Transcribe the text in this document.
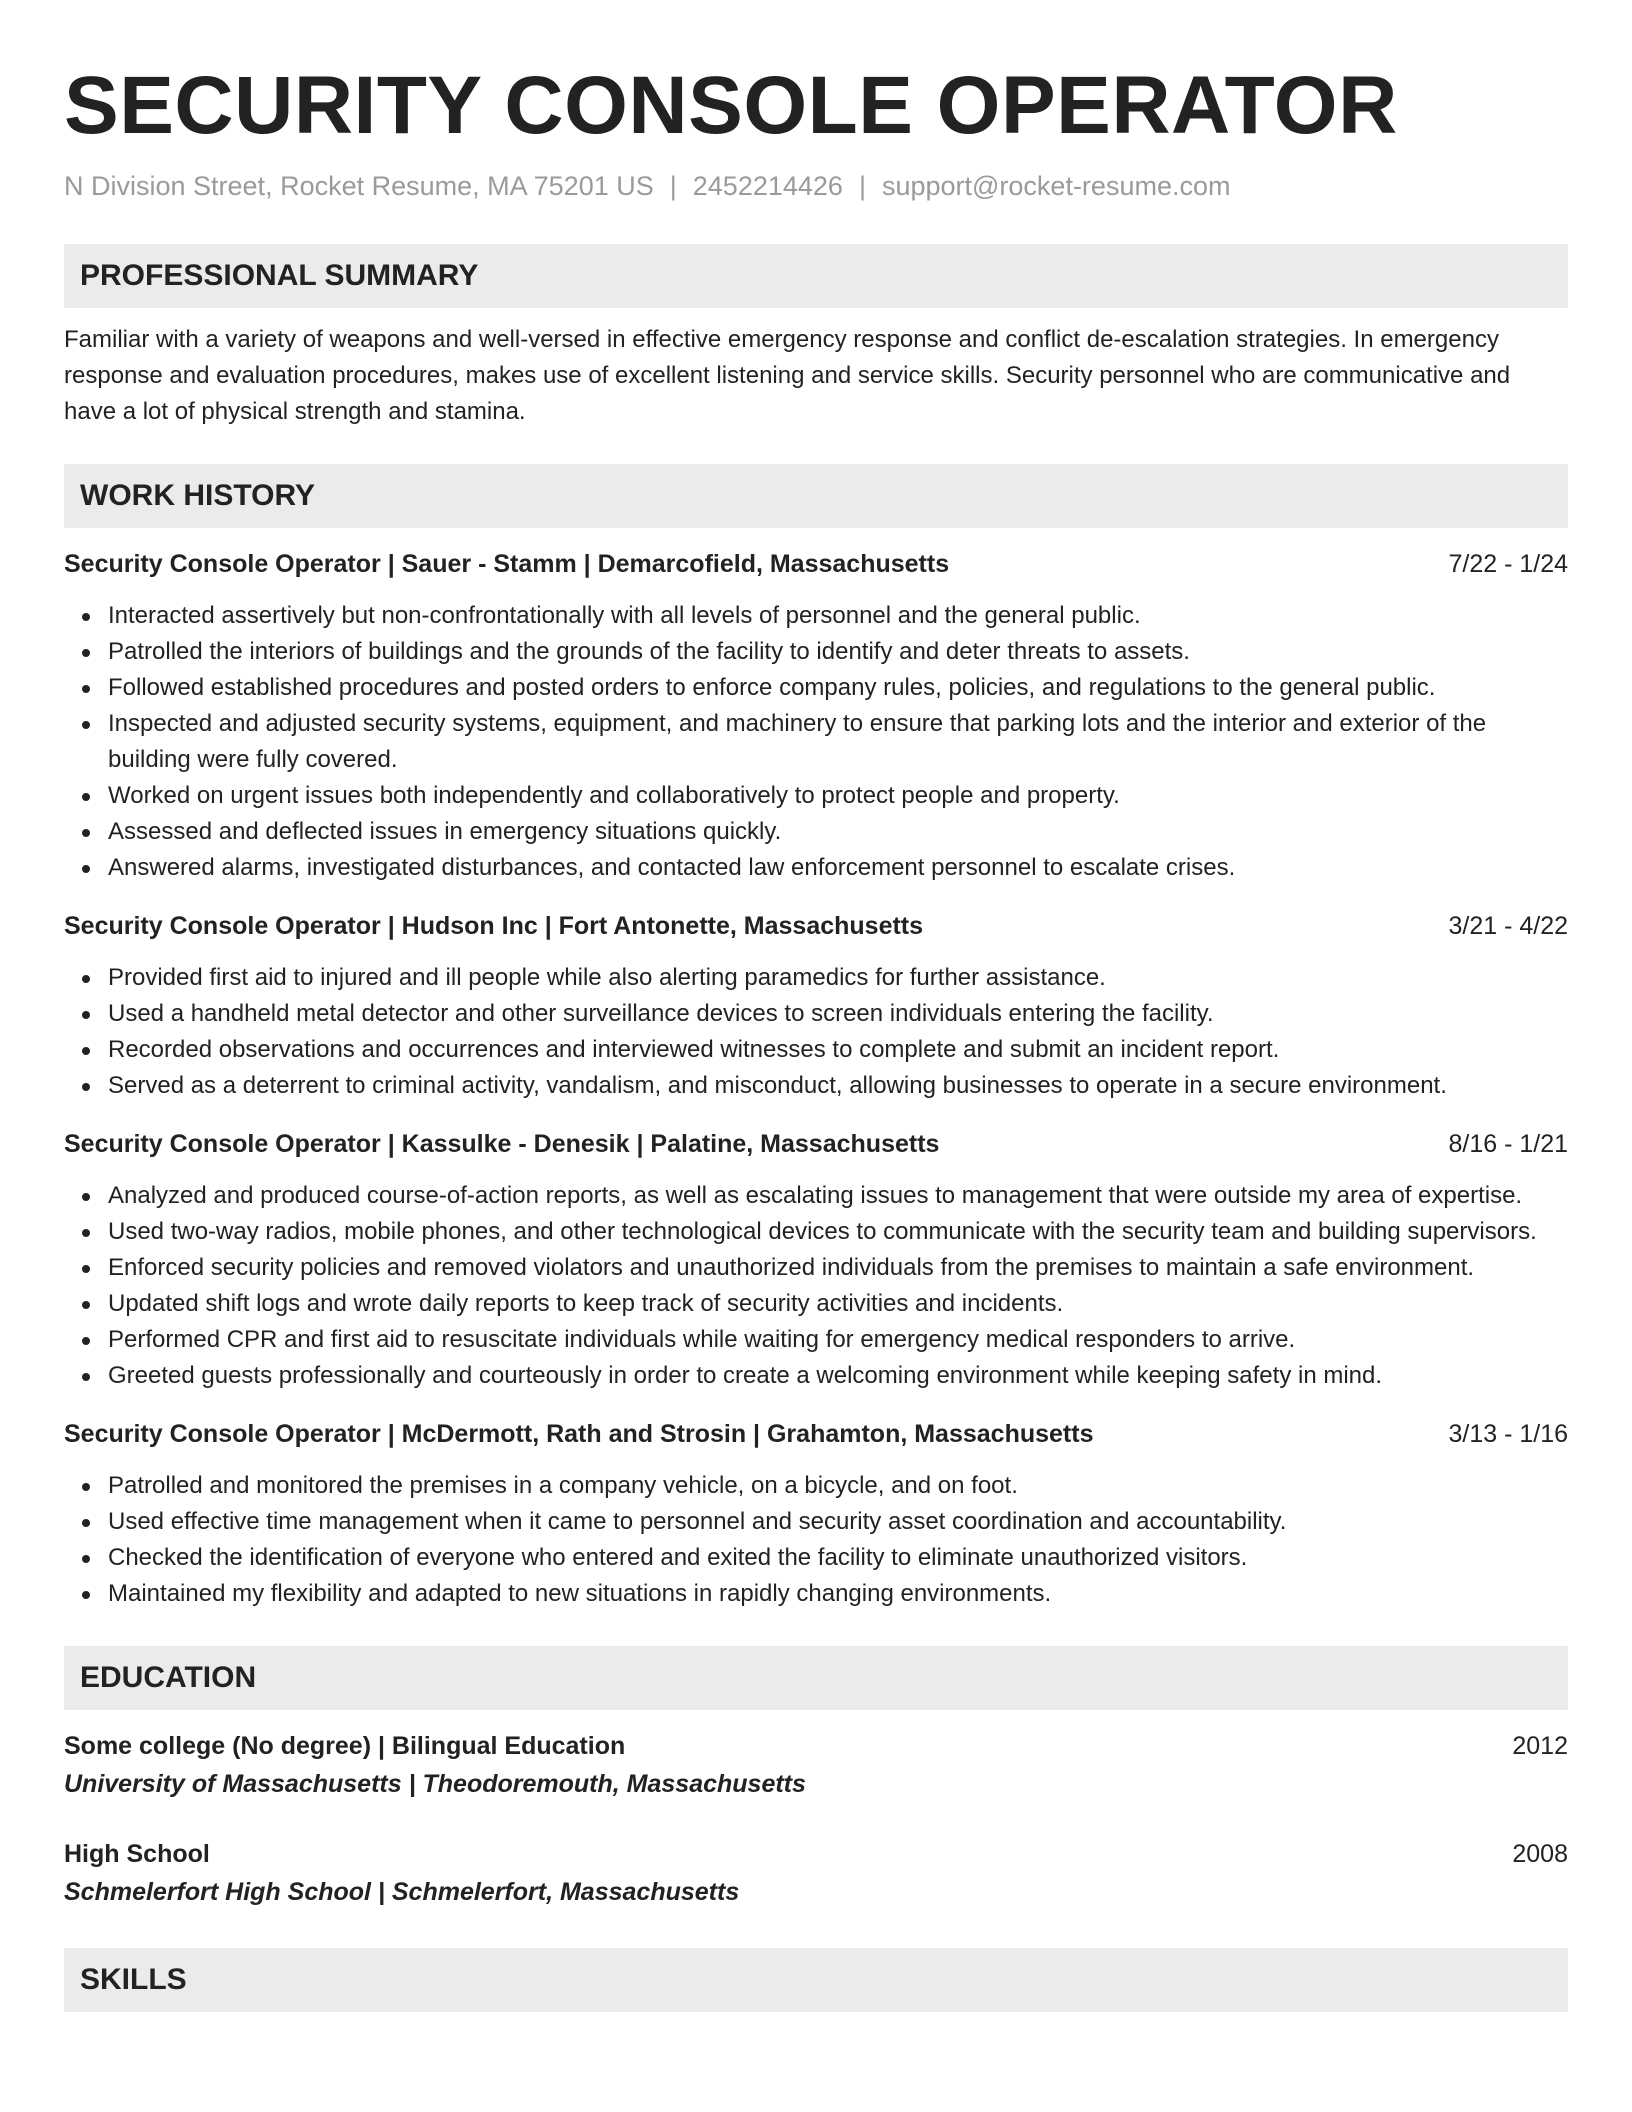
SECURITY CONSOLE OPERATOR
N Division Street, Rocket Resume, MA 75201 US | 2452214426 | support@rocket-resume.com
PROFESSIONAL SUMMARY
Familiar with a variety of weapons and well-versed in effective emergency response and conflict de-escalation strategies. In emergency response and evaluation procedures, makes use of excellent listening and service skills. Security personnel who are communicative and have a lot of physical strength and stamina.
WORK HISTORY
Security Console Operator | Sauer - Stamm | Demarcofield, Massachusetts	7/22 - 1/24
Interacted assertively but non-confrontationally with all levels of personnel and the general public.
Patrolled the interiors of buildings and the grounds of the facility to identify and deter threats to assets.
Followed established procedures and posted orders to enforce company rules, policies, and regulations to the general public.
Inspected and adjusted security systems, equipment, and machinery to ensure that parking lots and the interior and exterior of the building were fully covered.
Worked on urgent issues both independently and collaboratively to protect people and property.
Assessed and deflected issues in emergency situations quickly.
Answered alarms, investigated disturbances, and contacted law enforcement personnel to escalate crises.
Security Console Operator | Hudson Inc | Fort Antonette, Massachusetts	3/21 - 4/22
Provided first aid to injured and ill people while also alerting paramedics for further assistance.
Used a handheld metal detector and other surveillance devices to screen individuals entering the facility.
Recorded observations and occurrences and interviewed witnesses to complete and submit an incident report.
Served as a deterrent to criminal activity, vandalism, and misconduct, allowing businesses to operate in a secure environment.
Security Console Operator | Kassulke - Denesik | Palatine, Massachusetts	8/16 - 1/21
Analyzed and produced course-of-action reports, as well as escalating issues to management that were outside my area of expertise.
Used two-way radios, mobile phones, and other technological devices to communicate with the security team and building supervisors.
Enforced security policies and removed violators and unauthorized individuals from the premises to maintain a safe environment.
Updated shift logs and wrote daily reports to keep track of security activities and incidents.
Performed CPR and first aid to resuscitate individuals while waiting for emergency medical responders to arrive.
Greeted guests professionally and courteously in order to create a welcoming environment while keeping safety in mind.
Security Console Operator | McDermott, Rath and Strosin | Grahamton, Massachusetts	3/13 - 1/16
Patrolled and monitored the premises in a company vehicle, on a bicycle, and on foot.
Used effective time management when it came to personnel and security asset coordination and accountability.
Checked the identification of everyone who entered and exited the facility to eliminate unauthorized visitors.
Maintained my flexibility and adapted to new situations in rapidly changing environments.
EDUCATION
Some college (No degree) | Bilingual Education	2012
University of Massachusetts | Theodoremouth, Massachusetts
High School	2008
Schmelerfort High School | Schmelerfort, Massachusetts
SKILLS
